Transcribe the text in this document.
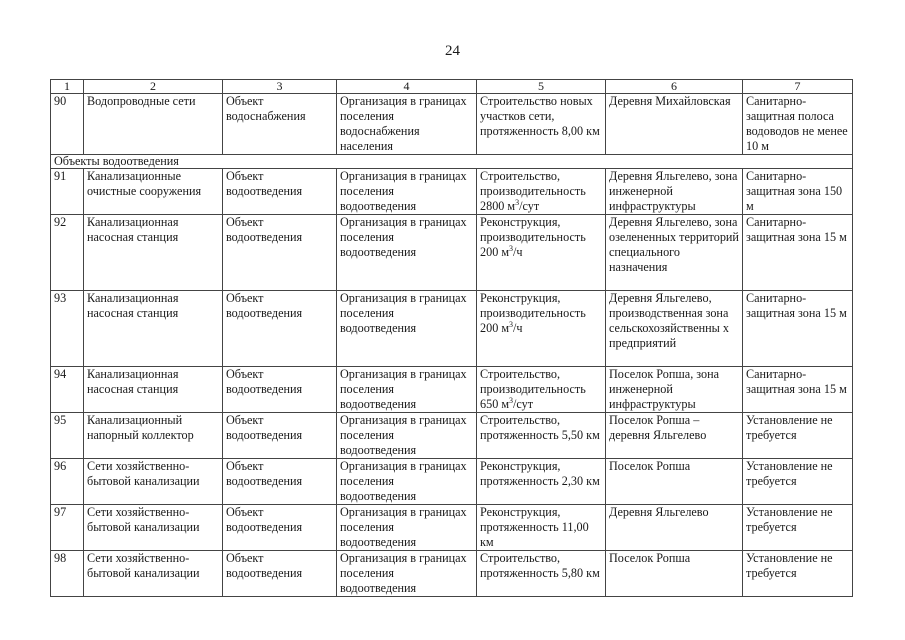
24
1	2	3	4	5	6	7
90	Водопроводные сети	Объект водоснабжения	Организация в границах поселения водоснабжения населения	Строительство новых участков сети, протяженность 8,00 км	Деревня Михайловская	Санитарно-защитная полоса водоводов не менее 10 м
Объекты водоотведения						
91	Канализационные очистные сооружения	Объект водоотведения	Организация в границах поселения водоотведения	Строительство, производительность 2800 $м^3$/сут	Деревня Яльгелево, зона инженерной инфраструктуры	Санитарно-защитная зона 150 м
92	Канализационная насосная станция	Объект водоотведения	Организация в границах поселения водоотведения	Реконструкция, производительность 200 $м^3/ч$	Деревня Яльгелево, зона озелененных территорий специального назначения	Санитарно-защитная зона 15 м
93	Канализационная насосная станция	Объект водоотведения	Организация в границах поселения водоотведения	Реконструкция, производительность 200 $м^3/ч$	Деревня Яльгелево, производственная зона сельскохозяйственны х предприятий	Санитарно-защитная зона 15 м
94	Канализационная насосная станция	Объект водоотведения	Организация в границах поселения водоотведения	Строительство, производительность 650 $м^3$/сут	Поселок Ропша, зона инженерной инфраструктуры	Санитарно-защитная зона 15 м
95	Канализационный напорный коллектор	Объект водоотведения	Организация в границах поселения водоотведения	Строительство, протяженность 5,50 км	Поселок Ропша – деревня Яльгелево	Установление не требуется
96	Сети хозяйственно-бытовой канализации	Объект водоотведения	Организация в границах поселения водоотведения	Реконструкция, протяженность 2,30 км	Поселок Ропша	Установление не требуется
97	Сети хозяйственно-бытовой канализации	Объект водоотведения	Организация в границах поселения водоотведения	Реконструкция, протяженность 11,00 км	Деревня Яльгелево	Установление не требуется
98	Сети хозяйственно-бытовой канализации	Объект водоотведения	Организация в границах поселения водоотведения	Строительство, протяженность 5,80 км	Поселок Ропша	Установление не требуется
